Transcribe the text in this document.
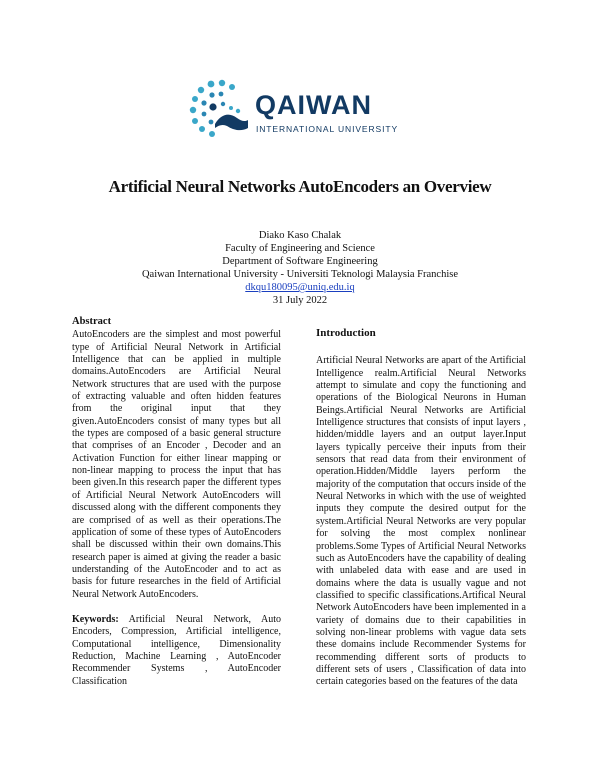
QAIWAN
INTERNATIONAL UNIVERSITY
Artificial Neural Networks AutoEncoders an Overview
Diako Kaso Chalak
Faculty of Engineering and Science
Department of Software Engineering
Qaiwan International University - Universiti Teknologi Malaysia Franchise
dkqu180095@uniq.edu.iq
31 July 2022
Abstract

AutoEncoders are the simplest and most powerful type of Artificial Neural Network in Artificial Intelligence that can be applied in multiple domains.AutoEncoders are Artificial Neural Network structures that are used with the purpose of extracting valuable and often hidden features from the original input that they given.AutoEncoders consist of many types but all the types are composed of a basic general structure that comprises of an Encoder , Decoder and an Activation Function for either linear mapping or non-linear mapping to process the input that has been given.In this research paper the different types of Artificial Neural Network AutoEncoders will discussed along with the different components they are comprised of as well as their operations.The application of some of these types of AutoEncoders shall be discussed within their own domains.This research paper is aimed at giving the reader a basic understanding of the AutoEncoder and to act as basis for future researches in the field of Artificial Neural Network AutoEncoders.

Keywords: Artificial Neural Network, Auto Encoders, Compression, Artificial intelligence, Computational intelligence, Dimensionality Reduction, Machine Learning , AutoEncoder Recommender Systems , AutoEncoder Classification

Introduction

Artificial Neural Networks are apart of the Artificial Intelligence realm.Artificial Neural Networks attempt to simulate and copy the functioning and operations of the Biological Neurons in Human Beings.Artificial Neural Networks are Artificial Intelligence structures that consists of input layers , hidden/middle layers and an output layer.Input layers typically perceive their inputs from their sensors that read data from their environment of operation.Hidden/Middle layers perform the majority of the computation that occurs inside of the Neural Networks in which with the use of weighted inputs they compute the desired output for the system.Artificial Neural Networks are very popular for solving the most complex nonlinear problems.Some Types of Artificial Neural Networks such as AutoEncoders have the capability of dealing with unlabeled data with ease and are used in domains where the data is usually vague and not classified to specific classifications.Artifical Neural Network AutoEncoders have been implemented in a variety of domains due to their capabilities in solving non-linear problems with vague data sets these domains include Recommender Systems for recommending different sorts of products to different sets of users , Classification of data into certain categories based on the features of the data
